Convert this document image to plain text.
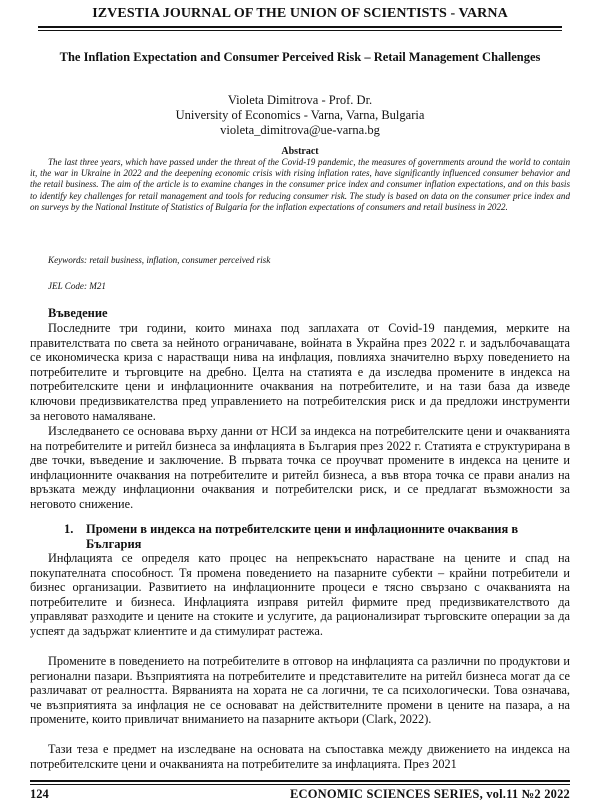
IZVESTIA JOURNAL OF THE UNION OF SCIENTISTS - VARNA
The Inflation Expectation and Consumer Perceived Risk – Retail Management Challenges
Violeta Dimitrova - Prof. Dr.
University of Economics - Varna, Varna, Bulgaria
violeta_dimitrova@ue-varna.bg
Abstract
The last three years, which have passed under the threat of the Covid-19 pandemic, the measures of governments around the world to contain it, the war in Ukraine in 2022 and the deepening economic crisis with rising inflation rates, have significantly influenced consumer behavior and the retail business. The aim of the article is to examine changes in the consumer price index and consumer inflation expectations, and on this basis to identify key challenges for retail management and tools for reducing consumer risk. The study is based on data on the consumer price index and on surveys by the National Institute of Statistics of Bulgaria for the inflation expectations of consumers and retail business in 2022.
Keywords: retail business, inflation, consumer perceived risk
JEL Code: M21
Въведение
Последните три години, които минаха под заплахата от Covid-19 пандемия, мерките на правителствата по света за нейното ограничаване, войната в Украйна през 2022 г. и задълбочаващата се икономическа криза с нарастващи нива на инфлация, повлияха значително върху поведението на потребителите и търговците на дребно. Целта на статията е да изследва промените в индекса на потребителските цени и инфлационните очаквания на потребителите, и на тази база да изведе ключови предизвикателства пред управлението на потребителския риск и да предложи инструменти за неговото намаляване.
Изследването се основава върху данни от НСИ за индекса на потребителските цени и очакванията на потребителите и ритейл бизнеса за инфлацията в България през 2022 г. Статията е структурирана в две точки, въведение и заключение. В първата точка се проучват промените в индекса на цените и инфлационните очаквания на потребителите и ритейл бизнеса, а във втора точка се прави анализ на връзката между инфлационни очаквания и потребителски риск, и се предлагат възможности за неговото снижение.
1.	Промени в индекса на потребителските цени и инфлационните очаквания в България
Инфлацията се определя като процес на непрекъснато нарастване на цените и спад на покупателната способност. Тя промена поведението на пазарните субекти – крайни потребители и бизнес организации. Развитието на инфлационните процеси е тясно свързано с очакванията на потребителите и бизнеса. Инфлацията изправя ритейл фирмите пред предизвикателството да управляват разходите и цените на стоките и услугите, да рационализират търговските операции за да успеят да задържат клиентите и да стимулират растежа.
Промените в поведението на потребителите в отговор на инфлацията са различни по продуктови и регионални пазари. Възприятията на потребителите и представителите на ритейл бизнеса могат да се различават от реалността. Вярванията на хората не са логични, те са психологически. Това означава, че възприятията за инфлация не се основават на действителните промени в цените на пазара, а на промените, които привличат вниманието на пазарните актьори (Clark, 2022).
Тази теза е предмет на изследване на основата на съпоставка между движението на индекса на потребителските цени и очакванията на потребителите за инфлацията. През 2021
124	ECONOMIC SCIENCES SERIES, vol.11 №2 2022
